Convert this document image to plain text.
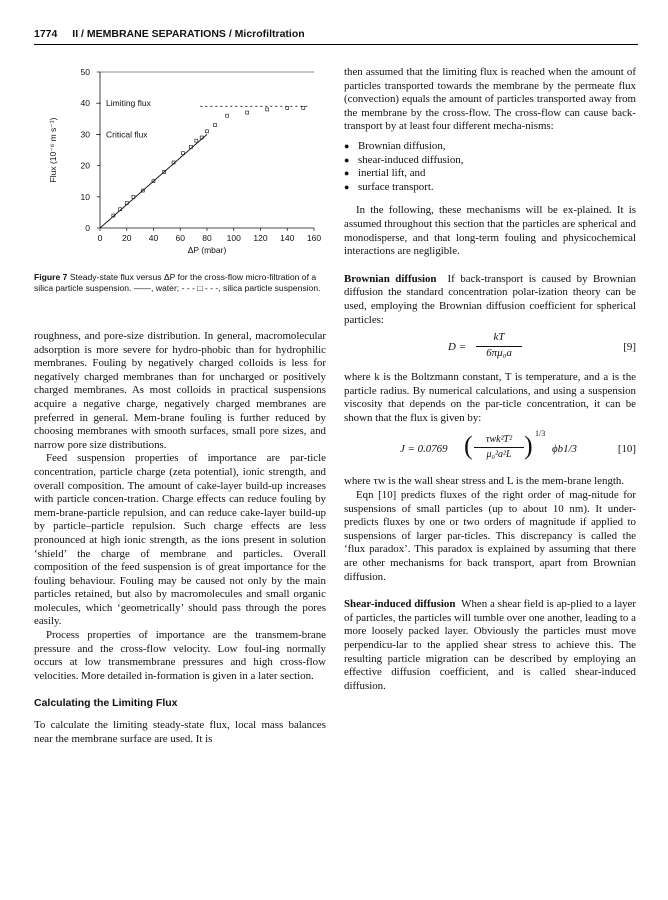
1774 II / MEMBRANE SEPARATIONS / Microfiltration
0 20 40 60 80 100 120 140 160
0
10
20
30
40
50
ΔP (mbar)
Flux (10⁻⁶ m s⁻¹)
Limiting flux
Critical flux
Figure 7 Steady-state flux versus ΔP for the cross-flow micro-filtration of a silica particle suspension. ——, water; - - - □ - - -, silica particle suspension.

roughness, and pore-size distribution. In general, macromolecular adsorption is more severe for hydro-phobic than for hydrophilic membranes. Fouling by negatively charged colloids is less for negatively charged membranes than for uncharged or positively charged membranes. As most colloids in practical suspensions acquire a negative charge, negatively charged membranes are preferred in general. Mem-brane fouling is further reduced by choosing membranes with smooth surfaces, small pore sizes, and narrow pore size distributions.

Feed suspension properties of importance are par-ticle concentration, particle charge (zeta potential), ionic strength, and overall composition. The amount of cake-layer build-up increases with particle concen-tration. Charge effects can reduce fouling by mem-brane-particle repulsion, and can reduce cake-layer build-up by particle–particle repulsion. Such charge effects are less pronounced at high ionic strength, as the ions present in solution ‘shield’ the charge of membrane and particles. Overall composition of the feed suspension is of great importance for the fouling behaviour. Fouling may be caused not only by the main particles retained, but also by macromolecules and small organic molecules, which ‘geometrically’ should pass through the pores easily.

Process properties of importance are the transmem-brane pressure and the cross-flow velocity. Low foul-ing normally occurs at low transmembrane pressures and high cross-flow velocities. More detailed in-formation is given in a later section.

Calculating the Limiting Flux

To calculate the limiting steady-state flux, local mass balances near the membrane surface are used. It is

then assumed that the limiting flux is reached when the amount of particles transported towards the membrane by the permeate flux (convection) equals the amount of particles transported away from the membrane by the cross-flow. The cross-flow can cause back-transport by at least four different mecha-nisms:

● Brownian diffusion,
● shear-induced diffusion,
● inertial lift, and
● surface transport.

In the following, these mechanisms will be ex-plained. It is assumed throughout this section that the particles are spherical and monodisperse, and that long-term fouling and physicochemical interactions are negligible.

Brownian diffusion If back-transport is caused by Brownian diffusion the standard concentration polar-ization theory can be used, employing the Brownian diffusion coefficient for spherical particles:

$D = \frac{kT}{\text{6πμ₀a}}$	[9]

where k is the Boltzmann constant, T is temperature, and a is the particle radius. By numerical calculations, and using a suspension viscosity that depends on the par-ticle concentration, it can be shown that the flux is given by:

J = 0.0769 (	τwk²T²
μ₀²a²L ) 1/3
ϕb1/3	[10]

where τw is the wall shear stress and L is the mem-brane length.

Eqn [10] predicts fluxes of the right order of mag-nitude for suspensions of small particles (up to about 10 nm). It under-predicts fluxes by one or two orders of magnitude if applied to suspensions of larger par-ticles. This discrepancy is called the ‘flux paradox’. This paradox is explained by assuming that there are other mechanisms for back transport, apart from Brownian diffusion.

Shear-induced diffusion When a shear field is ap-plied to a layer of particles, the particles will tumble over one another, leading to a more loosely packed layer. Obviously the particles must move perpendicu-lar to the applied shear stress to achieve this. The resulting particle migration can be described by employing an effective diffusion coefficient, and is called shear-induced diffusion.
